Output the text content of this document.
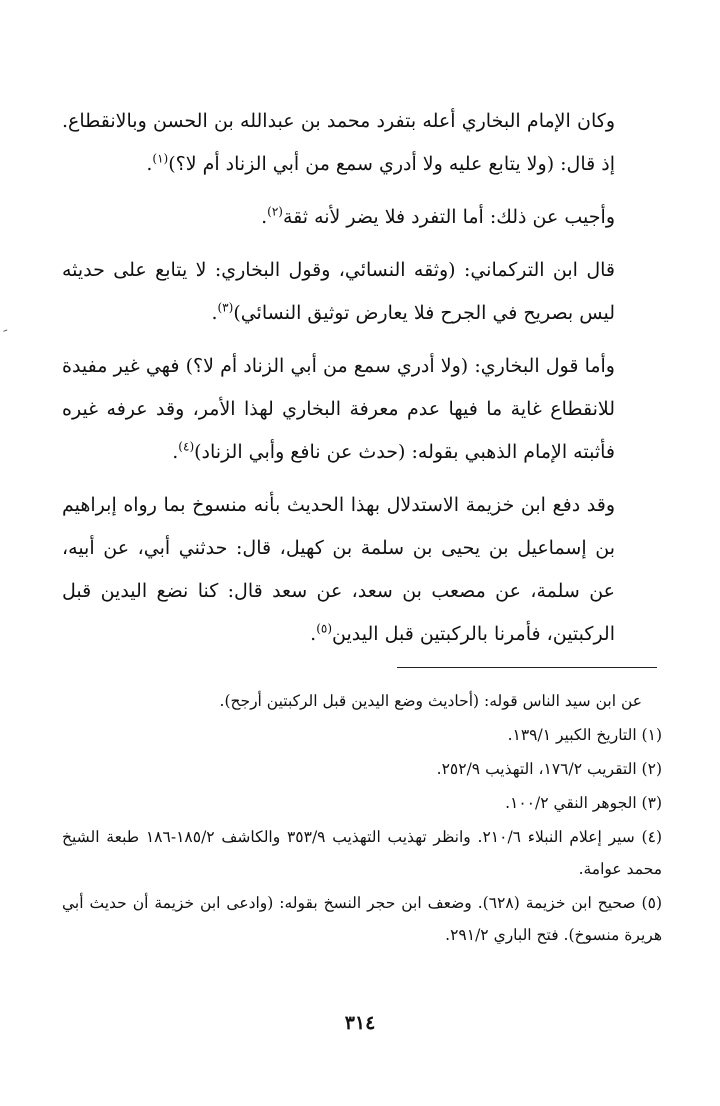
وكان الإمام البخاري أعله بتفرد محمد بن عبدالله بن الحسن وبالانقطاع. إذ قال: (ولا يتابع عليه ولا أدري سمع من أبي الزناد أم لا؟)$^{(١)}$.

وأجيب عن ذلك: أما التفرد فلا يضر لأنه ثقة$^{(٢)}$.

قال ابن التركماني: (وثقه النسائي، وقول البخاري: لا يتابع على حديثه ليس بصريح في الجرح فلا يعارض توثيق النسائي)$^{(٣)}$.

وأما قول البخاري: (ولا أدري سمع من أبي الزناد أم لا؟) فهي غير مفيدة للانقطاع غاية ما فيها عدم معرفة البخاري لهذا الأمر، وقد عرفه غيره فأثبته الإمام الذهبي بقوله: (حدث عن نافع وأبي الزناد)$^{(٤)}$.

وقد دفع ابن خزيمة الاستدلال بهذا الحديث بأنه منسوخ بما رواه إبراهيم بن إسماعيل بن يحيى بن سلمة بن كهيل، قال: حدثني أبي، عن أبيه، عن سلمة، عن مصعب بن سعد، عن سعد قال: كنا نضع اليدين قبل الركبتين، فأمرنا بالركبتين قبل اليدين$^{(٥)}$.

عن ابن سيد الناس قوله: (أحاديث وضع اليدين قبل الركبتين أرجح).

(١) التاريخ الكبير ١٣٩/١.

(٢) التقريب ١٧٦/٢، التهذيب ٢٥٢/٩.

(٣) الجوهر النقي ١٠٠/٢.

(٤) سير إعلام النبلاء ٢١٠/٦. وانظر تهذيب التهذيب ٣٥٣/٩ والكاشف ١٨٥/٢-١٨٦ طبعة الشيخ محمد عوامة.

(٥) صحيح ابن خزيمة (٦٢٨). وضعف ابن حجر النسخ بقوله: (وادعى ابن خزيمة أن حديث أبي هريرة منسوخ). فتح الباري ٢٩١/٢.

٣١٤
